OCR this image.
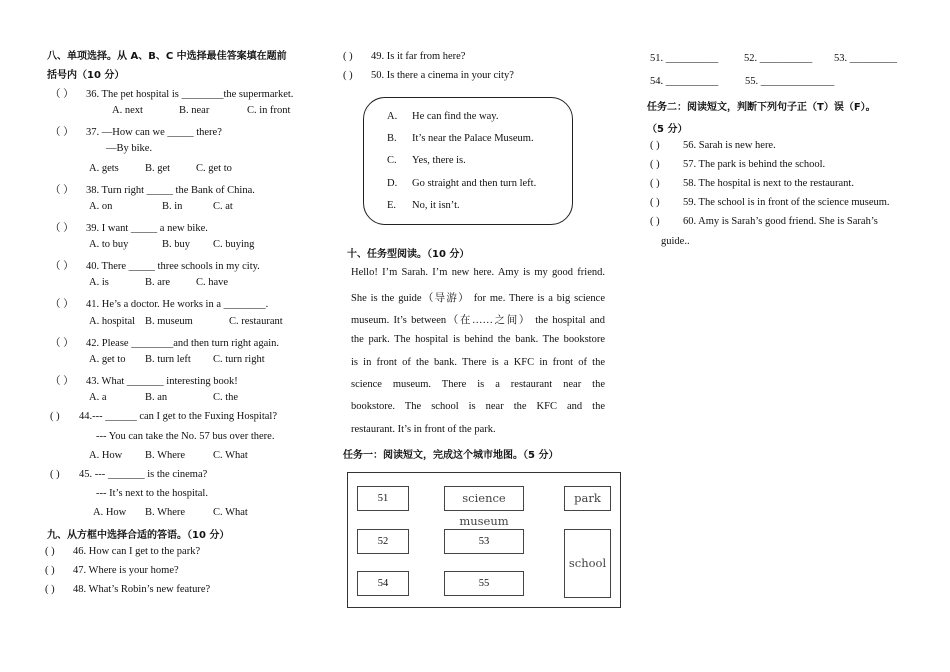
八、单项选择。从 A、B、C 中选择最佳答案填在题前
括号内（10 分）
（ ） 36. The pet hospital is ________the supermarket.
A. next	B. near	C. in front
（ ） 37. —How can we _____ there?
—By bike.
A. gets	B. get C. get to
（ ） 38. Turn right _____ the Bank of China.
A. on	B. in	C. at
（ ） 39. I want _____ a new bike.
A. to buy	B. buy C. buying
（ ） 40. There _____ three schools in my city.
A. is	B. are C. have
（ ） 41. He’s a doctor. He works in a ________.
A. hospital B. museum	C. restaurant
（ ） 42. Please ________and then turn right again.
A. get to B. turn left C. turn right
（ ） 43. What _______ interesting book!
A. a	B. an	C. the
( ) 44.--- ______ can I get to the Fuxing Hospital?
--- You can take the No. 57 bus over there.
A. How B. Where	C. What
( ) 45. --- _______ is the cinema?
--- It’s next to the hospital.
A. How B. Where	C. What
九、从方框中选择合适的答语。（10 分）
( ) 46. How can I get to the park?
( ) 47. Where is your home?
( ) 48. What’s Robin’s new feature?
( ) 49. Is it far from here?
( ) 50. Is there a cinema in your city?
A. He can find the way.
B. It’s near the Palace Museum.
C. Yes, there is.
D. Go straight and then turn left.
E. No, it isn’t.
十、任务型阅读。（10 分）
Hello! I’m Sarah. I’m new here. Amy is my good friend.
She is the guide（导游） for me. There is a big science
museum. It’s between（在……之间） the hospital and
the park. The hospital is behind the bank. The bookstore
is in front of the bank. There is a KFC in front of the
science museum. There is a restaurant near the
bookstore. The school is near the KFC and the
restaurant. It’s in front of the park.
任务一：阅读短文，完成这个城市地图。（5 分）
51	science museum
park
52	53
school
54	55
51. __________ 52. __________ 53. _________
54. __________	55. ______________
任务二：阅读短文，判断下列句子正（T）误（F）。
（5 分）
( ) 56. Sarah is new here.
( ) 57. The park is behind the school.
( ) 58. The hospital is next to the restaurant.
( ) 59. The school is in front of the science museum.
( ) 60. Amy is Sarah’s good friend. She is Sarah’s
guide..
